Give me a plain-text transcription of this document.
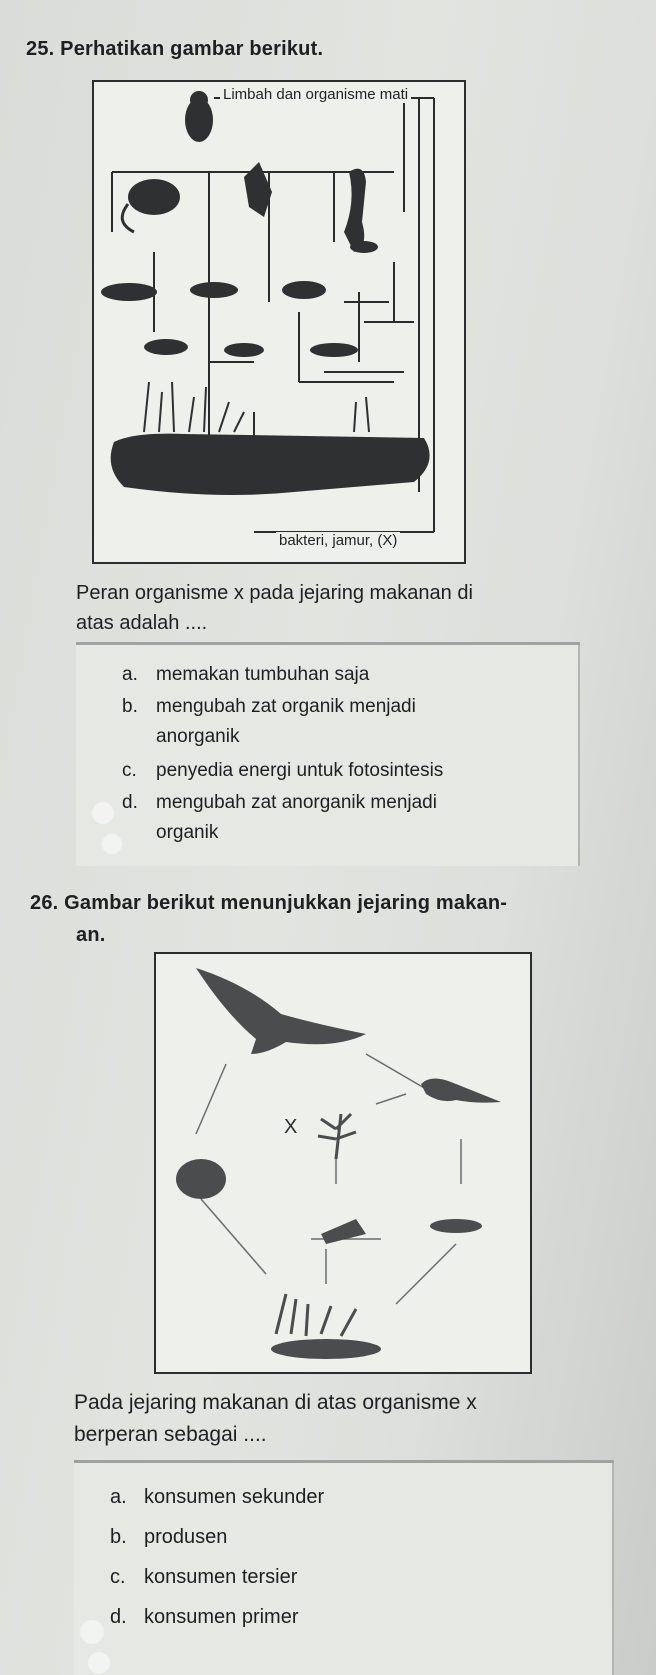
25. Perhatikan gambar berikut.
Limbah dan organisme mati
bakteri, jamur, (X)
Peran organisme x pada jejaring makanan di
atas adalah ....
a. memakan tumbuhan saja
b. mengubah zat organik menjadi
anorganik
c. penyedia energi untuk fotosintesis
d. mengubah zat anorganik menjadi
organik
26. Gambar berikut menunjukkan jejaring makan-
an.
X
Pada jejaring makanan di atas organisme x
berperan sebagai ....
a. konsumen sekunder
b. produsen
c. konsumen tersier
d. konsumen primer
